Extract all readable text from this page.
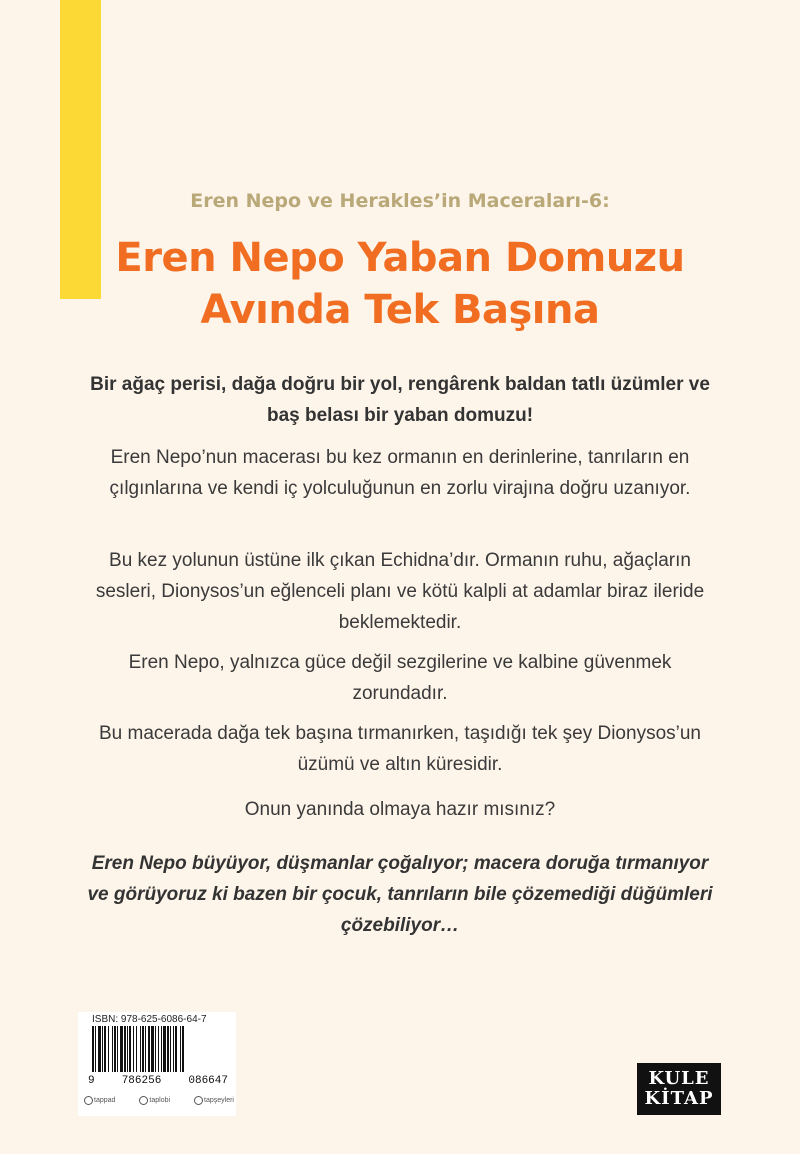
Eren Nepo ve Herakles’in Maceraları-6:
Eren Nepo Yaban Domuzu
Avında Tek Başına
Bir ağaç perisi, dağa doğru bir yol, rengârenk baldan tatlı üzümler ve baş belası bir yaban domuzu!
Eren Nepo’nun macerası bu kez ormanın en derinlerine, tanrıların en çılgınlarına ve kendi iç yolculuğunun en zorlu virajına doğru uzanıyor.
Bu kez yolunun üstüne ilk çıkan Echidna’dır. Ormanın ruhu, ağaçların sesleri, Dionysos’un eğlenceli planı ve kötü kalpli at adamlar biraz ileride beklemektedir.
Eren Nepo, yalnızca güce değil sezgilerine ve kalbine güvenmek zorundadır.
Bu macerada dağa tek başına tırmanırken, taşıdığı tek şey Dionysos’un üzümü ve altın küresidir.
Onun yanında olmaya hazır mısınız?
Eren Nepo büyüyor, düşmanlar çoğalıyor; macera doruğa tırmanıyor ve görüyoruz ki bazen bir çocuk, tanrıların bile çözemediği düğümleri çözebiliyor…
ISBN: 978-625-6086-64-7
9 786256 086647
tappad	taplobi	tapşeyleri
KULE
KİTAP
